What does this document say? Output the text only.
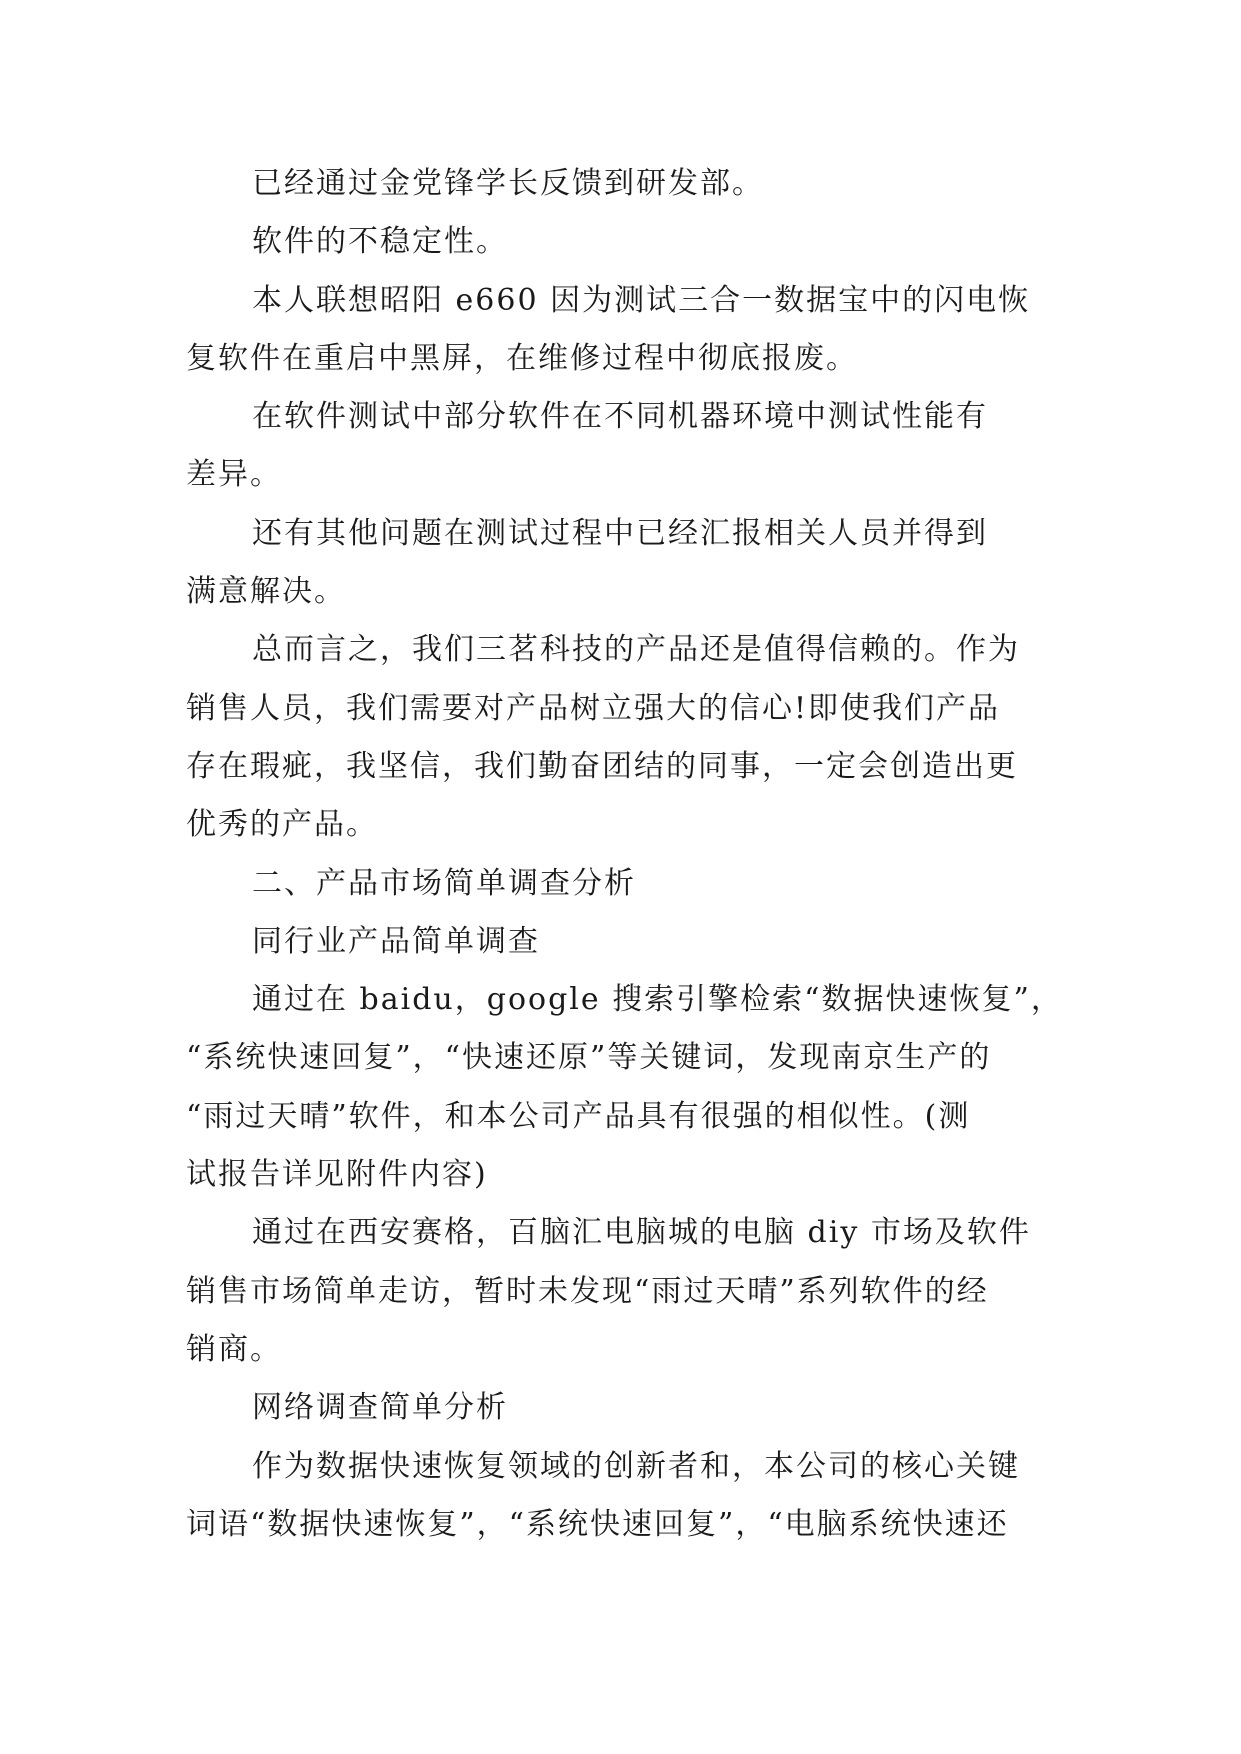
已经通过金党锋学长反馈到研发部。
软件的不稳定性。
本人联想昭阳 e660 因为测试三合一数据宝中的闪电恢
复软件在重启中黑屏，在维修过程中彻底报废。
在软件测试中部分软件在不同机器环境中测试性能有
差异。
还有其他问题在测试过程中已经汇报相关人员并得到
满意解决。
总而言之，我们三茗科技的产品还是值得信赖的。作为
销售人员，我们需要对产品树立强大的信心!即使我们产品
存在瑕疵，我坚信，我们勤奋团结的同事，一定会创造出更
优秀的产品。
二、产品市场简单调查分析
同行业产品简单调查
通过在 baidu，google 搜索引擎检索“数据快速恢复”，
“系统快速回复”，“快速还原”等关键词，发现南京生产的
“雨过天晴”软件，和本公司产品具有很强的相似性。(测
试报告详见附件内容)
通过在西安赛格，百脑汇电脑城的电脑 diy 市场及软件
销售市场简单走访，暂时未发现“雨过天晴”系列软件的经
销商。
网络调查简单分析
作为数据快速恢复领域的创新者和，本公司的核心关键
词语“数据快速恢复”，“系统快速回复”，“电脑系统快速还
